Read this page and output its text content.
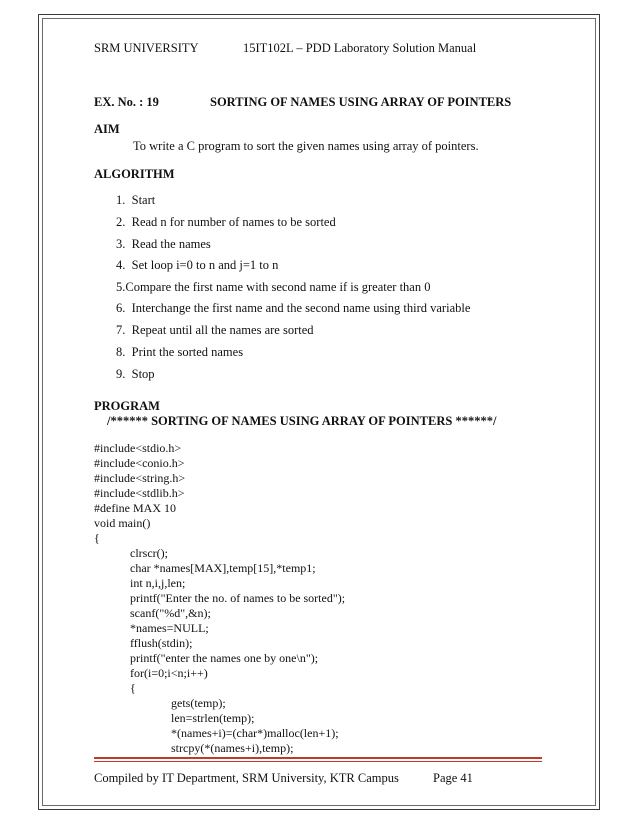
SRM UNIVERSITY	15IT102L – PDD Laboratory Solution Manual
EX. No. : 19	SORTING OF NAMES USING ARRAY OF POINTERS
AIM
To write a C program to sort the given names using array of pointers.
ALGORITHM
1.  Start
2.  Read n for number of names to be sorted
3.  Read the names
4.  Set loop i=0 to n and j=1 to n
5.Compare the first name with second name if is greater than 0
6.  Interchange the first name and the second name using third variable
7.  Repeat until all the names are sorted
8.  Print the sorted names
9.  Stop
PROGRAM
/****** SORTING OF NAMES USING ARRAY OF POINTERS ******/
#include<stdio.h>
#include<conio.h>
#include<string.h>
#include<stdlib.h>
#define MAX 10
void main()
{
clrscr();
char *names[MAX],temp[15],*temp1;
int n,i,j,len;
printf("Enter the no. of names to be sorted");
scanf("%d",&n);
*names=NULL;
fflush(stdin);
printf("enter the names one by one\n");
for(i=0;i<n;i++)
{
gets(temp);
len=strlen(temp);
*(names+i)=(char*)malloc(len+1);
strcpy(*(names+i),temp);
Compiled by IT Department, SRM University, KTR Campus	Page 41
